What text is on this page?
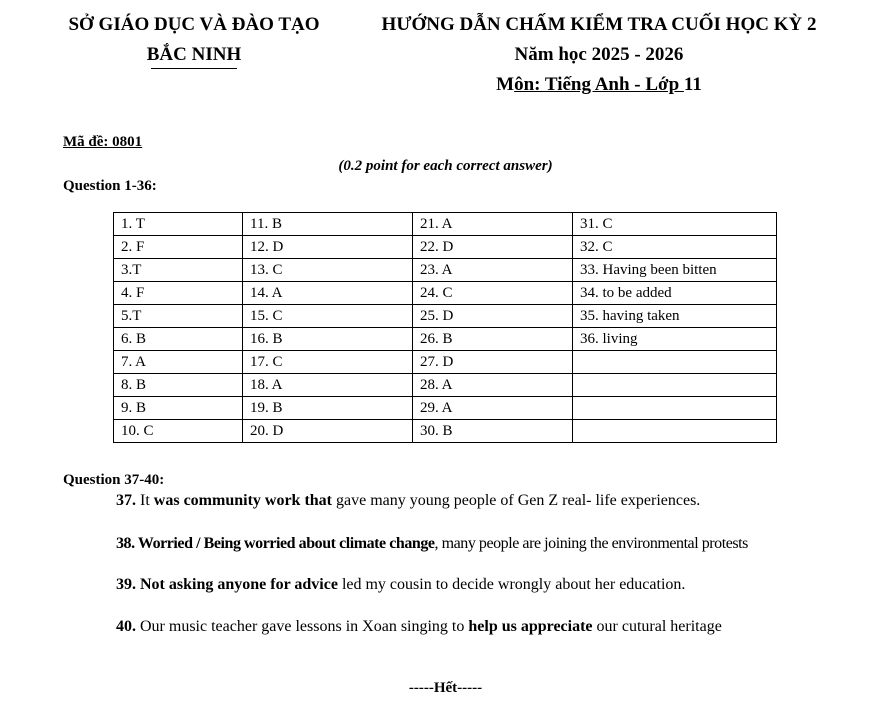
SỞ GIÁO DỤC VÀ ĐÀO TẠO
BẮC NINH
HƯỚNG DẪN CHẤM KIỂM TRA CUỐI HỌC KỲ 2
Năm học 2025 - 2026
Môn: Tiếng Anh - Lớp 11
Mã đề: 0801
(0.2 point for each correct answer)
Question 1-36:
1. T	11. B	21. A	31. C
2. F	12. D	22. D	32. C
3.T	13. C	23. A	33. Having been bitten
4. F	14. A	24. C	34. to be added
5.T	15. C	25. D	35. having taken
6. B	16. B	26. B	36. living
7. A	17. C	27. D	
8. B	18. A	28. A	
9. B	19. B	29. A	
10. C	20. D	30. B	
Question 37-40:
37. It was community work that gave many young people of Gen Z real- life experiences.
38. Worried / Being worried about climate change, many people are joining the environmental protests
39. Not asking anyone for advice led my cousin to decide wrongly about her education.
40. Our music teacher gave lessons in Xoan singing to help us appreciate our cutural heritage
-----Hết-----
